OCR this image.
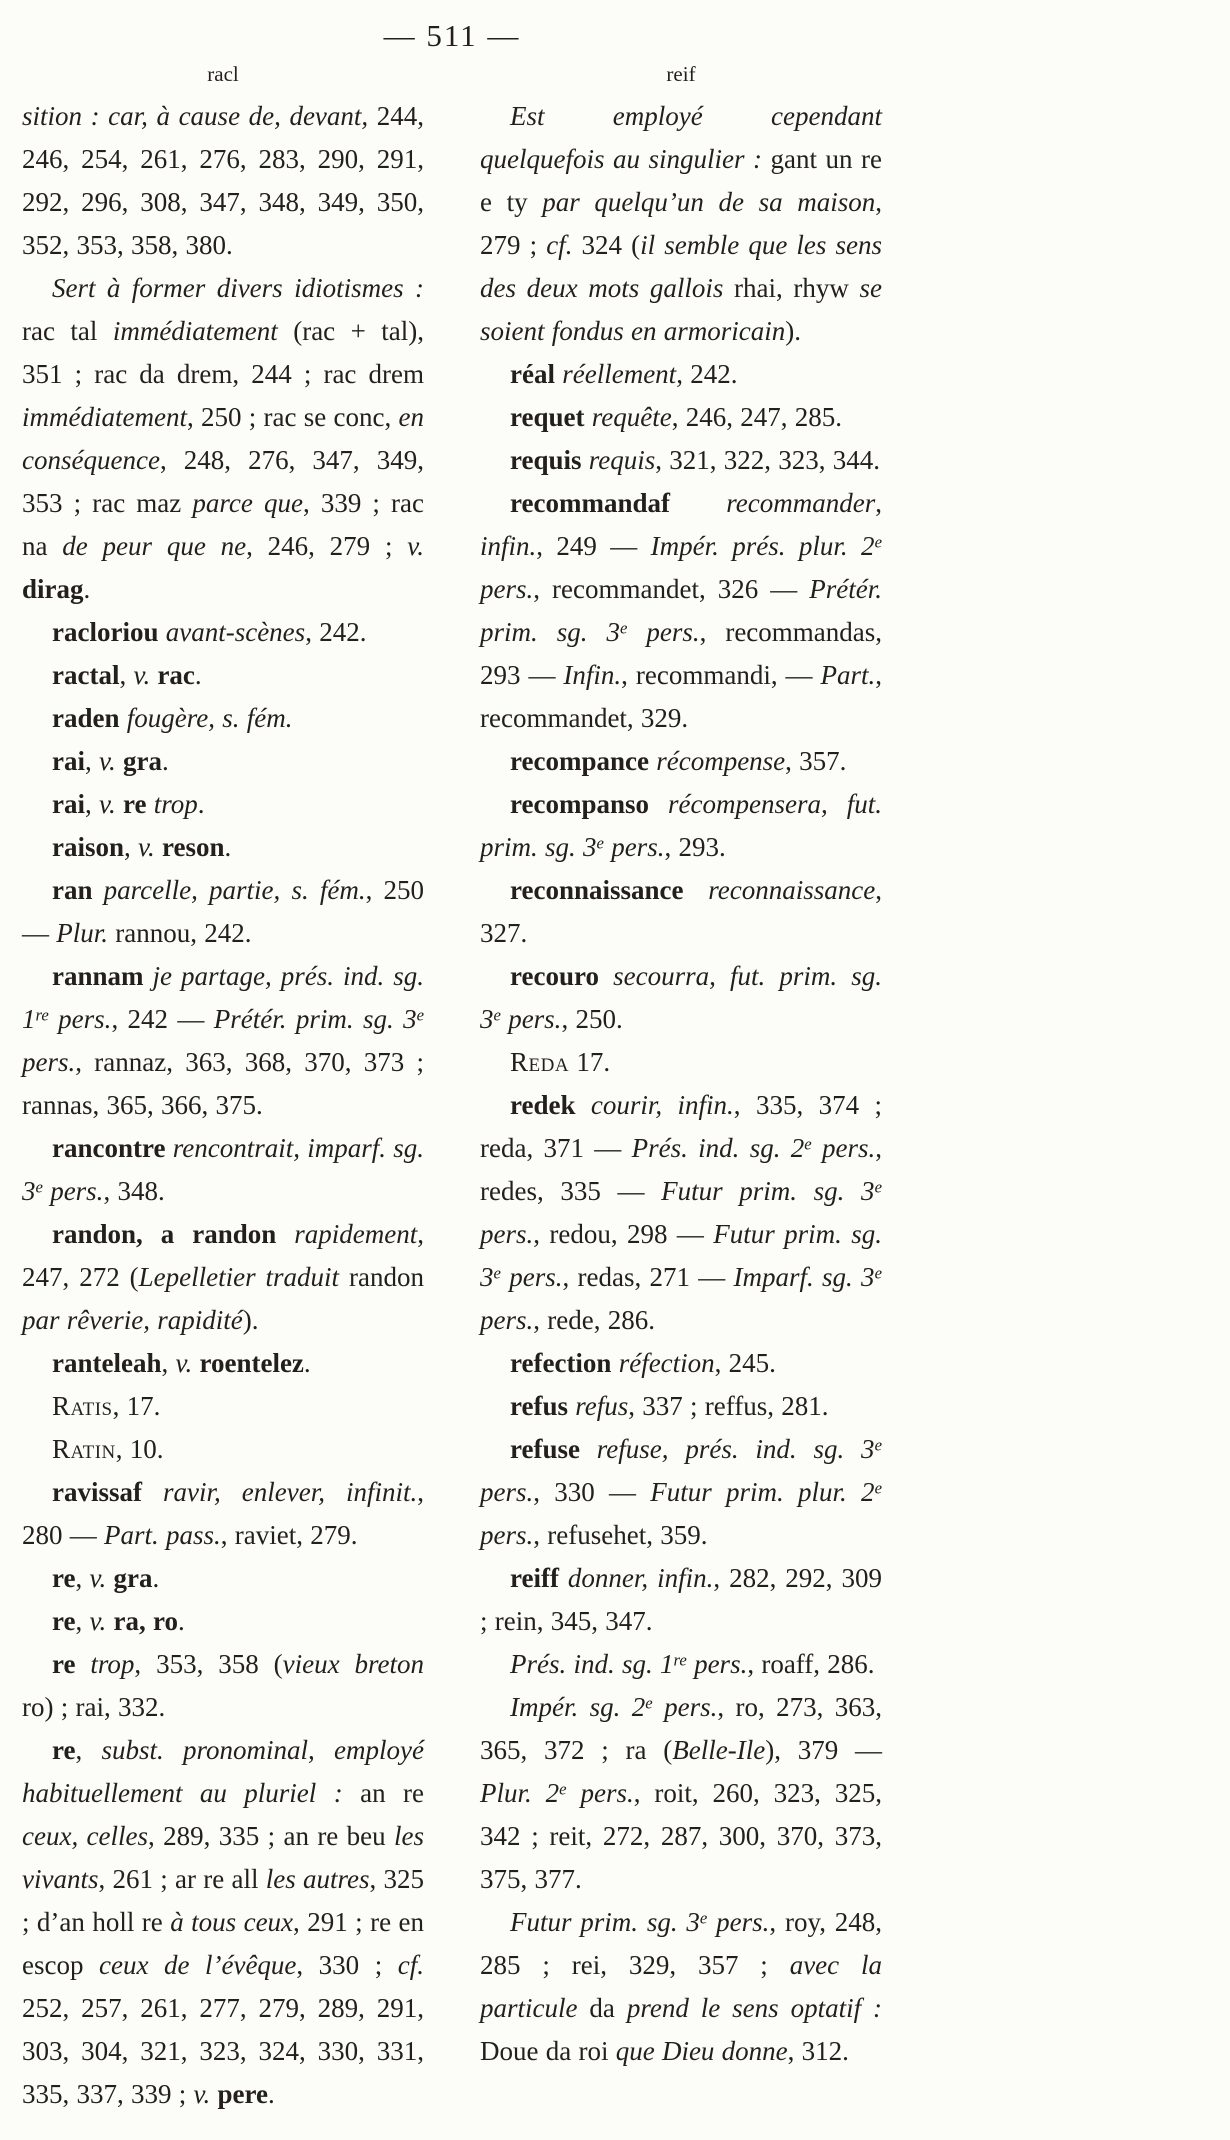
— 511 —
racl	reif

sition : car, à cause de, devant, 244, 246, 254, 261, 276, 283, 290, 291, 292, 296, 308, 347, 348, 349, 350, 352, 353, 358, 380.

Sert à former divers idiotismes : rac tal immédiatement (rac + tal), 351 ; rac da drem, 244 ; rac drem immédiatement, 250 ; rac se conc, en conséquence, 248, 276, 347, 349, 353 ; rac maz parce que, 339 ; rac na de peur que ne, 246, 279 ; v. dirag.

racloriou avant-scènes, 242.

ractal, v. rac.

raden fougère, s. fém.

rai, v. gra.

rai, v. re trop.

raison, v. reson.

ran parcelle, partie, s. fém., 250 — Plur. rannou, 242.

rannam je partage, prés. ind. sg. 1re pers., 242 — Prétér. prim. sg. 3e pers., rannaz, 363, 368, 370, 373 ; rannas, 365, 366, 375.

rancontre rencontrait, imparf. sg. 3e pers., 348.

randon, a randon rapidement, 247, 272 (Lepelletier traduit randon par rêverie, rapidité).

ranteleah, v. roentelez.

Ratis, 17.

Ratin, 10.

ravissaf ravir, enlever, infinit., 280 — Part. pass., raviet, 279.

re, v. gra.

re, v. ra, ro.

re trop, 353, 358 (vieux breton ro) ; rai, 332.

re, subst. pronominal, employé habituellement au pluriel : an re ceux, celles, 289, 335 ; an re beu les vivants, 261 ; ar re all les autres, 325 ; d’an holl re à tous ceux, 291 ; re en escop ceux de l’évêque, 330 ; cf. 252, 257, 261, 277, 279, 289, 291, 303, 304, 321, 323, 324, 330, 331, 335, 337, 339 ; v. pere.

Est employé cependant quelquefois au singulier : gant un re e ty par quelqu’un de sa maison, 279 ; cf. 324 (il semble que les sens des deux mots gallois rhai, rhyw se soient fondus en armoricain).

réal réellement, 242.

requet requête, 246, 247, 285.

requis requis, 321, 322, 323, 344.

recommandaf recommander, infin., 249 — Impér. prés. plur. 2e pers., recommandet, 326 — Prétér. prim. sg. 3e pers., recommandas, 293 — Infin., recommandi, — Part., recommandet, 329.

recompance récompense, 357.

recompanso récompensera, fut. prim. sg. 3e pers., 293.

reconnaissance reconnaissance, 327.

recouro secourra, fut. prim. sg. 3e pers., 250.

Reda 17.

redek courir, infin., 335, 374 ; reda, 371 — Prés. ind. sg. 2e pers., redes, 335 — Futur prim. sg. 3e pers., redou, 298 — Futur prim. sg. 3e pers., redas, 271 — Imparf. sg. 3e pers., rede, 286.

refection réfection, 245.

refus refus, 337 ; reffus, 281.

refuse refuse, prés. ind. sg. 3e pers., 330 — Futur prim. plur. 2e pers., refusehet, 359.

reiff donner, infin., 282, 292, 309 ; rein, 345, 347.

Prés. ind. sg. 1re pers., roaff, 286.

Impér. sg. 2e pers., ro, 273, 363, 365, 372 ; ra (Belle-Ile), 379 — Plur. 2e pers., roit, 260, 323, 325, 342 ; reit, 272, 287, 300, 370, 373, 375, 377.

Futur prim. sg. 3e pers., roy, 248, 285 ; rei, 329, 357 ; avec la particule da prend le sens optatif : Doue da roi que Dieu donne, 312.
